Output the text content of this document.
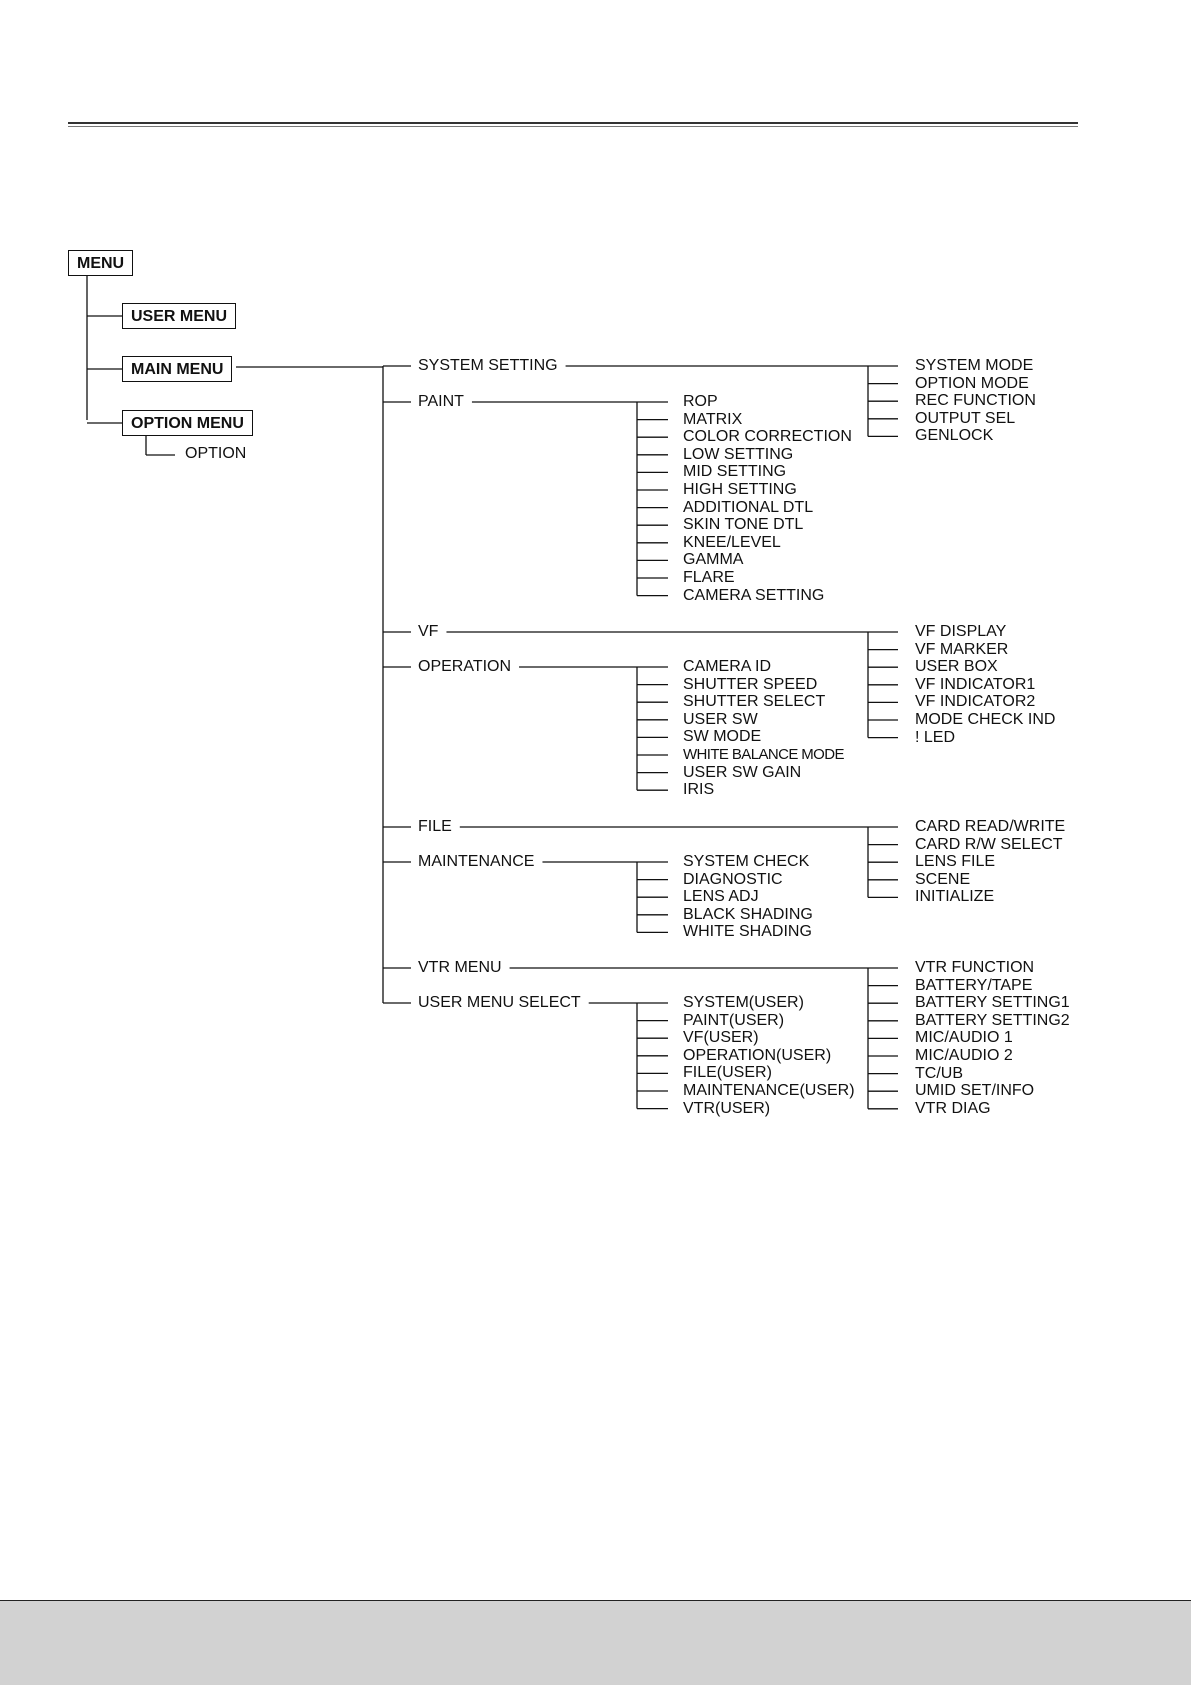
MENU
USER MENU
MAIN MENU
OPTION MENU
OPTION
SYSTEM SETTING
PAINT
VF
OPERATION
FILE
MAINTENANCE
VTR MENU
USER MENU SELECT
ROP
MATRIX
COLOR CORRECTION
LOW SETTING
MID SETTING
HIGH SETTING
ADDITIONAL DTL
SKIN TONE DTL
KNEE/LEVEL
GAMMA
FLARE
CAMERA SETTING
SYSTEM MODE
OPTION MODE
REC FUNCTION
OUTPUT SEL
GENLOCK
CAMERA ID
SHUTTER SPEED
SHUTTER SELECT
USER SW
SW MODE
WHITE BALANCE MODE
USER SW GAIN
IRIS
VF DISPLAY
VF MARKER
USER BOX
VF INDICATOR1
VF INDICATOR2
MODE CHECK IND
! LED
SYSTEM CHECK
DIAGNOSTIC
LENS ADJ
BLACK SHADING
WHITE SHADING
CARD READ/WRITE
CARD R/W SELECT
LENS FILE
SCENE
INITIALIZE
SYSTEM(USER)
PAINT(USER)
VF(USER)
OPERATION(USER)
FILE(USER)
MAINTENANCE(USER)
VTR(USER)
VTR FUNCTION
BATTERY/TAPE
BATTERY SETTING1
BATTERY SETTING2
MIC/AUDIO 1
MIC/AUDIO 2
TC/UB
UMID SET/INFO
VTR DIAG
